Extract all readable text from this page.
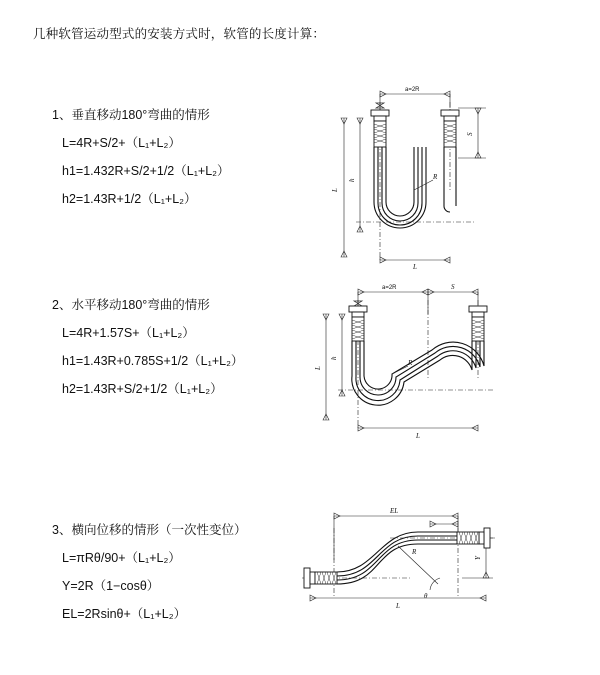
几种软管运动型式的安装方式时，软管的长度计算：
1、垂直移动180°弯曲的情形
L=4R+S/2+（L₁+L₂）
h1=1.432R+S/2+1/2（L₁+L₂）
h2=1.43R+1/2（L₁+L₂）
a=2R
L
h
S
R
L
2、水平移动180°弯曲的情形
L=4R+1.57S+（L₁+L₂）
h1=1.43R+0.785S+1/2（L₁+L₂）
h2=1.43R+S/2+1/2（L₁+L₂）
a=2R	S
L
h
R
L
3、横向位移的情形（一次性变位）
L=πRθ/90+（L₁+L₂）
Y=2R（1−cosθ）
EL=2Rsinθ+（L₁+L₂）
EL
Y
R
θ
L
